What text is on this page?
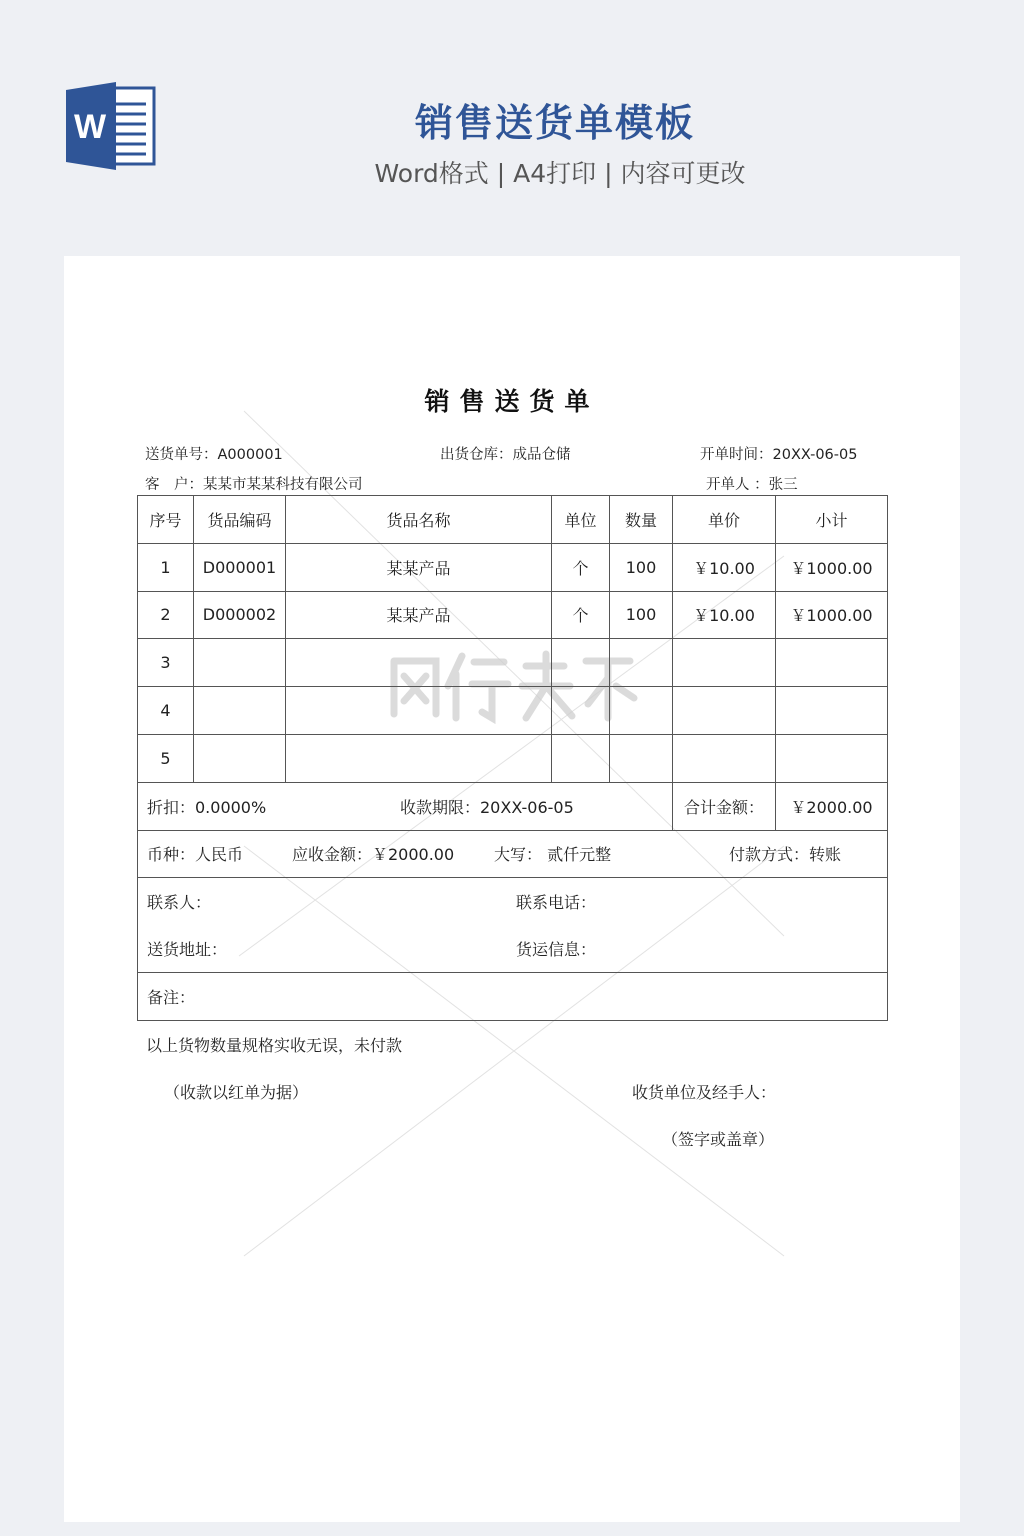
W	销售送货单模板
Word格式 | A4打印 | 内容可更改
销售送货单
送货单号：A000001	出货仓库：成品仓储	开单时间：20XX-06-05
客　户：某某市某某科技有限公司	开单人 ：张三
序号	货品编码	货品名称	单位	数量	单价	小计
1	D000001	某某产品	个	100	￥10.00	￥1000.00
2	D000002	某某产品	个	100	￥10.00	￥1000.00
3						
4						
5						

折扣：0.0000% 收款期限：20XX-06-05					合计金额：	￥2000.00

币种：人民币 应收金额：￥2000.00 大写： 贰仟元整 付款方式：转账						

联系人： 联系电话：
送货地址： 货运信息：						

备注：						
以上货物数量规格实收无误，未付款
（收款以红单为据）	收货单位及经手人：
（签字或盖章）
